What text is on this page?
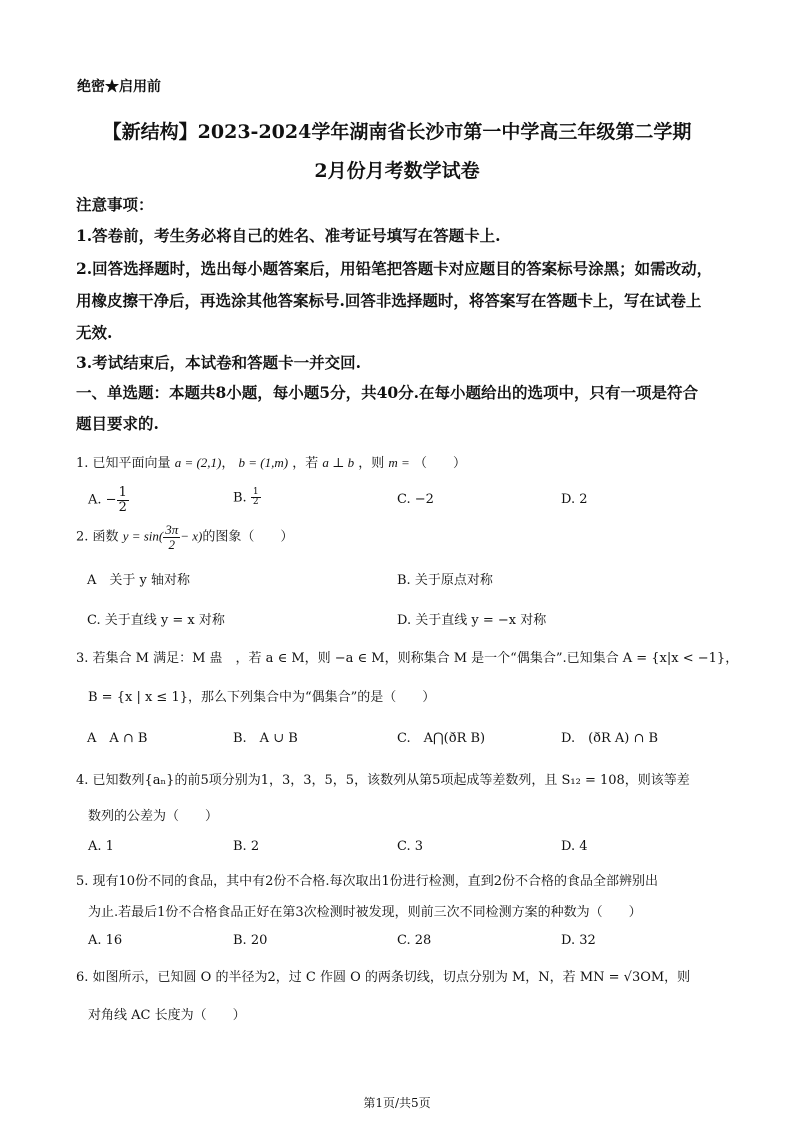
绝密★启用前
【新结构】2023-2024学年湖南省长沙市第一中学高三年级第二学期
2月份月考数学试卷
注意事项：
1.答卷前，考生务必将自己的姓名、准考证号填写在答题卡上.
2.回答选择题时，选出每小题答案后，用铅笔把答题卡对应题目的答案标号涂黑；如需改动，
用橡皮擦干净后，再选涂其他答案标号.回答非选择题时，将答案写在答题卡上，写在试卷上
无效.
3.考试结束后，本试卷和答题卡一并交回.
一、单选题：本题共8小题，每小题5分，共40分.在每小题给出的选项中，只有一项是符合
题目要求的.
1. 已知平面向量 a = (2,1)， b = (1,m) ，若 a ⊥ b ，则 m = （　　）
A. − $\frac{1}{2}$	B. $\frac{1}{2}$	C. −2	D. 2
2. 函数 $y = \sin( \frac{3\pi}{2} - x)$的图象（　　）
A　关于 y 轴对称	B. 关于原点对称
C. 关于直线 y = x 对称	D. 关于直线 y = −x 对称
3. 若集合 M 满足：M 蛊　，若 a ∈ M，则 −a ∈ M，则称集合 M 是一个“偶集合”.已知集合 A = {x|x < −1}，
B = {x | x ≤ 1}，那么下列集合中为“偶集合”的是（　　）
A　A ∩ B	B.　A ∪ B	C.　A⋂(ðR B)	D.　(ðR A) ∩ B
4. 已知数列{aₙ}的前5项分别为1，3，3，5，5，该数列从第5项起成等差数列，且 S₁₂ = 108，则该等差
数列的公差为（　　）
A. 1	B. 2	C. 3	D. 4
5. 现有10份不同的食品，其中有2份不合格.每次取出1份进行检测，直到2份不合格的食品全部辨别出
为止.若最后1份不合格食品正好在第3次检测时被发现，则前三次不同检测方案的种数为（　　）
A. 16	B. 20	C. 28	D. 32
6. 如图所示，已知圆 O 的半径为2，过 C 作圆 O 的两条切线，切点分别为 M，N，若 MN = √3OM，则
对角线 AC 长度为（　　）
第1页/共5页
